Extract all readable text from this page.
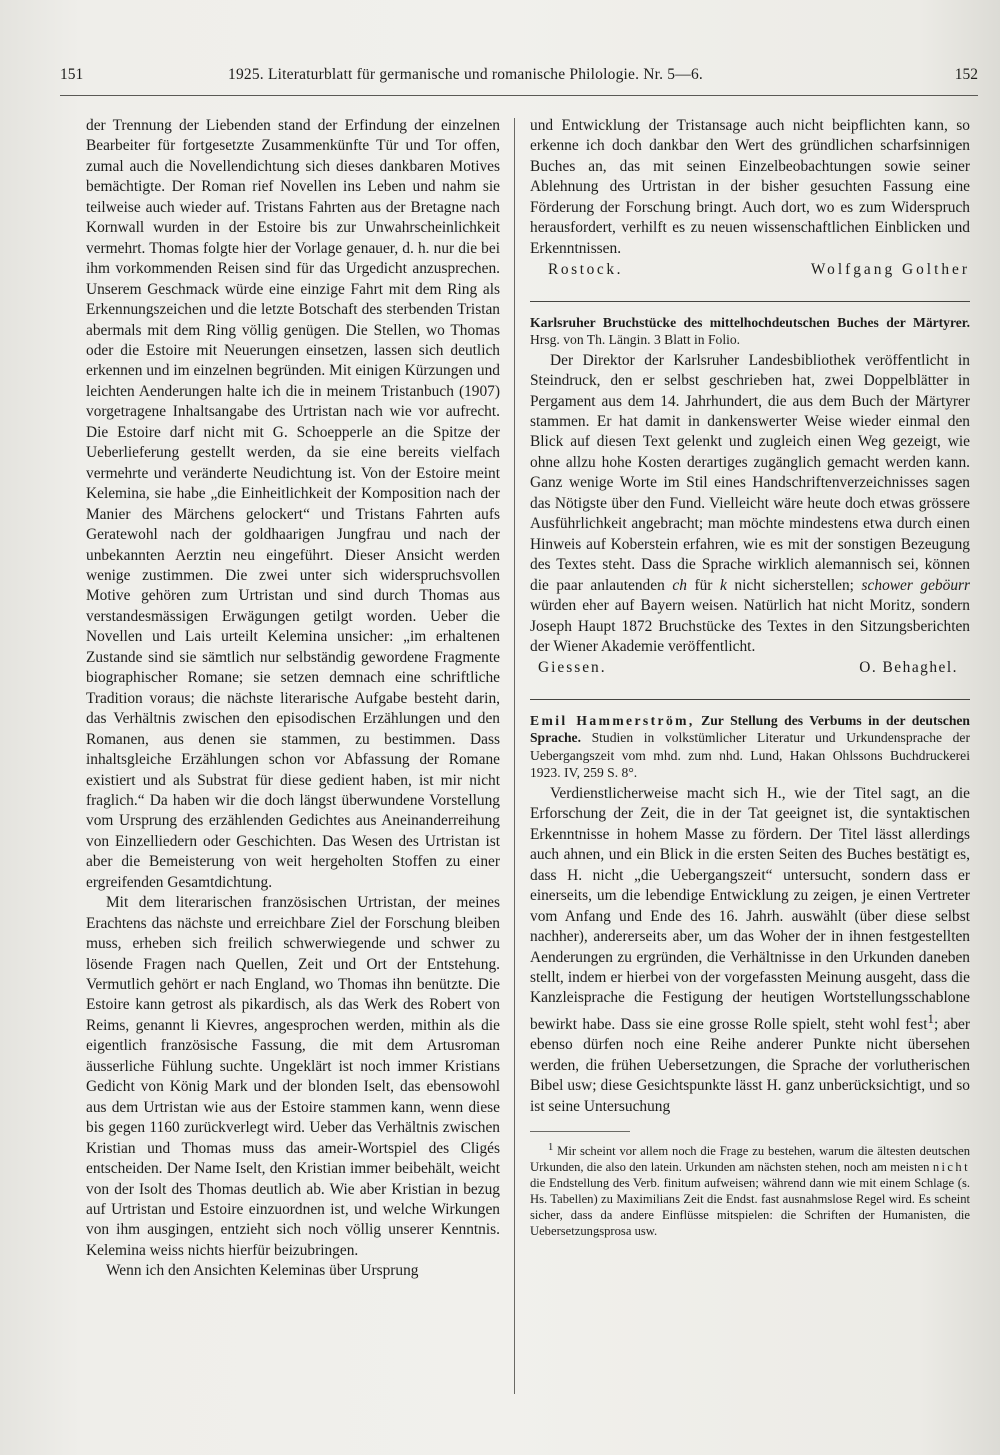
151	1925. Literaturblatt für germanische und romanische Philologie. Nr. 5—6.	152

der Trennung der Liebenden stand der Erfindung der einzelnen Bearbeiter für fortgesetzte Zusammenkünfte Tür und Tor offen, zumal auch die Novellendichtung sich dieses dankbaren Motives bemächtigte. Der Roman rief Novellen ins Leben und nahm sie teilweise auch wieder auf. Tristans Fahrten aus der Bretagne nach Kornwall wurden in der Estoire bis zur Unwahrscheinlichkeit vermehrt. Thomas folgte hier der Vorlage genauer, d. h. nur die bei ihm vorkommenden Reisen sind für das Urgedicht anzusprechen. Unserem Geschmack würde eine einzige Fahrt mit dem Ring als Erkennungszeichen und die letzte Botschaft des sterbenden Tristan abermals mit dem Ring völlig genügen. Die Stellen, wo Thomas oder die Estoire mit Neuerungen einsetzen, lassen sich deutlich erkennen und im einzelnen begründen. Mit einigen Kürzungen und leichten Aenderungen halte ich die in meinem Tristanbuch (1907) vorgetragene Inhaltsangabe des Urtristan nach wie vor aufrecht. Die Estoire darf nicht mit G. Schoepperle an die Spitze der Ueberlieferung gestellt werden, da sie eine bereits vielfach vermehrte und veränderte Neudichtung ist. Von der Estoire meint Kelemina, sie habe „die Einheitlichkeit der Komposition nach der Manier des Märchens gelockert“ und Tristans Fahrten aufs Geratewohl nach der goldhaarigen Jungfrau und nach der unbekannten Aerztin neu eingeführt. Dieser Ansicht werden wenige zustimmen. Die zwei unter sich widerspruchsvollen Motive gehören zum Urtristan und sind durch Thomas aus verstandesmässigen Erwägungen getilgt worden. Ueber die Novellen und Lais urteilt Kelemina unsicher: „im erhaltenen Zustande sind sie sämtlich nur selbständig gewordene Fragmente biographischer Romane; sie setzen demnach eine schriftliche Tradition voraus; die nächste literarische Aufgabe besteht darin, das Verhältnis zwischen den episodischen Erzählungen und den Romanen, aus denen sie stammen, zu bestimmen. Dass inhaltsgleiche Erzählungen schon vor Abfassung der Romane existiert und als Substrat für diese gedient haben, ist mir nicht fraglich.“ Da haben wir die doch längst überwundene Vorstellung vom Ursprung des erzählenden Gedichtes aus Aneinanderreihung von Einzelliedern oder Geschichten. Das Wesen des Urtristan ist aber die Bemeisterung von weit hergeholten Stoffen zu einer ergreifenden Gesamtdichtung.

Mit dem literarischen französischen Urtristan, der meines Erachtens das nächste und erreichbare Ziel der Forschung bleiben muss, erheben sich freilich schwerwiegende und schwer zu lösende Fragen nach Quellen, Zeit und Ort der Entstehung. Vermutlich gehört er nach England, wo Thomas ihn benützte. Die Estoire kann getrost als pikardisch, als das Werk des Robert von Reims, genannt li Kievres, angesprochen werden, mithin als die eigentlich französische Fassung, die mit dem Artusroman äusserliche Fühlung suchte. Ungeklärt ist noch immer Kristians Gedicht von König Mark und der blonden Iselt, das ebensowohl aus dem Urtristan wie aus der Estoire stammen kann, wenn diese bis gegen 1160 zurückverlegt wird. Ueber das Verhältnis zwischen Kristian und Thomas muss das ameir-Wortspiel des Cligés entscheiden. Der Name Iselt, den Kristian immer beibehält, weicht von der Isolt des Thomas deutlich ab. Wie aber Kristian in bezug auf Urtristan und Estoire einzuordnen ist, und welche Wirkungen von ihm ausgingen, entzieht sich noch völlig unserer Kenntnis. Kelemina weiss nichts hierfür beizubringen.

Wenn ich den Ansichten Keleminas über Ursprung

und Entwicklung der Tristansage auch nicht beipflichten kann, so erkenne ich doch dankbar den Wert des gründlichen scharfsinnigen Buches an, das mit seinen Einzelbeobachtungen sowie seiner Ablehnung des Urtristan in der bisher gesuchten Fassung eine Förderung der Forschung bringt. Auch dort, wo es zum Widerspruch herausfordert, verhilft es zu neuen wissenschaftlichen Einblicken und Erkenntnissen.

Rostock.	Wolfgang Golther
Karlsruher Bruchstücke des mittelhochdeutschen Buches der Märtyrer. Hrsg. von Th. Längin. 3 Blatt in Folio.

Der Direktor der Karlsruher Landesbibliothek veröffentlicht in Steindruck, den er selbst geschrieben hat, zwei Doppelblätter in Pergament aus dem 14. Jahrhundert, die aus dem Buch der Märtyrer stammen. Er hat damit in dankenswerter Weise wieder einmal den Blick auf diesen Text gelenkt und zugleich einen Weg gezeigt, wie ohne allzu hohe Kosten derartiges zugänglich gemacht werden kann. Ganz wenige Worte im Stil eines Handschriftenverzeichnisses sagen das Nötigste über den Fund. Vielleicht wäre heute doch etwas grössere Ausführlichkeit angebracht; man möchte mindestens etwa durch einen Hinweis auf Koberstein erfahren, wie es mit der sonstigen Bezeugung des Textes steht. Dass die Sprache wirklich alemannisch sei, können die paar anlautenden ch für k nicht sicherstellen; schower geböurr würden eher auf Bayern weisen. Natürlich hat nicht Moritz, sondern Joseph Haupt 1872 Bruchstücke des Textes in den Sitzungsberichten der Wiener Akademie veröffentlicht.

Giessen.	O. Behaghel.
Emil Hammerström, Zur Stellung des Verbums in der deutschen Sprache. Studien in volkstümlicher Literatur und Urkundensprache der Uebergangszeit vom mhd. zum nhd. Lund, Hakan Ohlssons Buchdruckerei 1923. IV, 259 S. 8°.

Verdienstlicherweise macht sich H., wie der Titel sagt, an die Erforschung der Zeit, die in der Tat geeignet ist, die syntaktischen Erkenntnisse in hohem Masse zu fördern. Der Titel lässt allerdings auch ahnen, und ein Blick in die ersten Seiten des Buches bestätigt es, dass H. nicht „die Uebergangszeit“ untersucht, sondern dass er einerseits, um die lebendige Entwicklung zu zeigen, je einen Vertreter vom Anfang und Ende des 16. Jahrh. auswählt (über diese selbst nachher), andererseits aber, um das Woher der in ihnen festgestellten Aenderungen zu ergründen, die Verhältnisse in den Urkunden daneben stellt, indem er hierbei von der vorgefassten Meinung ausgeht, dass die Kanzleisprache die Festigung der heutigen Wortstellungsschablone bewirkt habe. Dass sie eine grosse Rolle spielt, steht wohl fest$^1$; aber ebenso dürfen noch eine Reihe anderer Punkte nicht übersehen werden, die frühen Uebersetzungen, die Sprache der vorlutherischen Bibel usw; diese Gesichtspunkte lässt H. ganz unberücksichtigt, und so ist seine Untersuchung

$^1$ Mir scheint vor allem noch die Frage zu bestehen, warum die ältesten deutschen Urkunden, die also den latein. Urkunden am nächsten stehen, noch am meisten nicht die Endstellung des Verb. finitum aufweisen; während dann wie mit einem Schlage (s. Hs. Tabellen) zu Maximilians Zeit die Endst. fast ausnahmslose Regel wird. Es scheint sicher, dass da andere Einflüsse mitspielen: die Schriften der Humanisten, die Uebersetzungsprosa usw.
